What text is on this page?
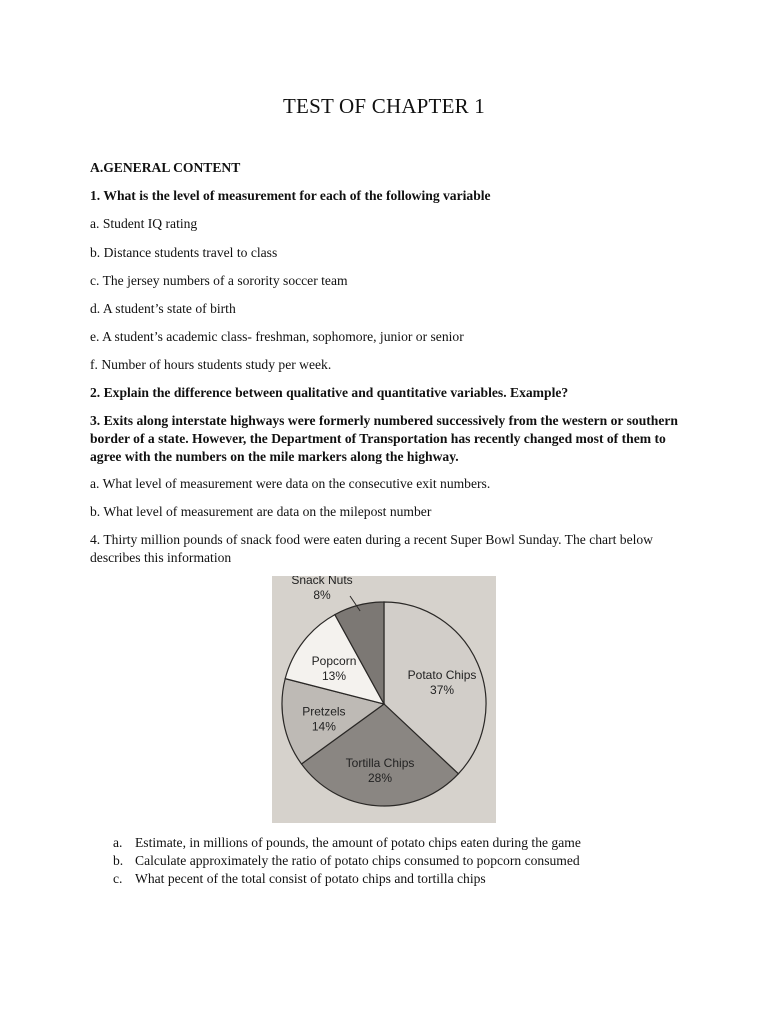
TEST OF CHAPTER 1
A.GENERAL CONTENT
1. What is the level of measurement for each of the following variable
a. Student IQ rating
b. Distance students travel to class
c. The jersey numbers of a sorority soccer team
d. A student’s state of birth
e. A student’s academic class- freshman, sophomore, junior or senior
f. Number of hours students study per week.
2. Explain the difference between qualitative and quantitative variables. Example?
3. Exits along interstate highways were formerly numbered successively from the western or southern border of a state. However, the Department of Transportation has recently changed most of them to agree with the numbers on the mile markers along the highway.
a. What level of measurement were data on the consecutive exit numbers.
b. What level of measurement are data on the milepost number
4. Thirty million pounds of snack food were eaten during a recent Super Bowl Sunday. The chart below describes this information
Potato Chips
37%
Tortilla Chips
28%
Pretzels
14%
Popcorn
13%
Snack Nuts
8%
a. Estimate, in millions of pounds, the amount of potato chips eaten during the game
b. Calculate approximately the ratio of potato chips consumed to popcorn consumed
c. What pecent of the total consist of potato chips and tortilla chips
